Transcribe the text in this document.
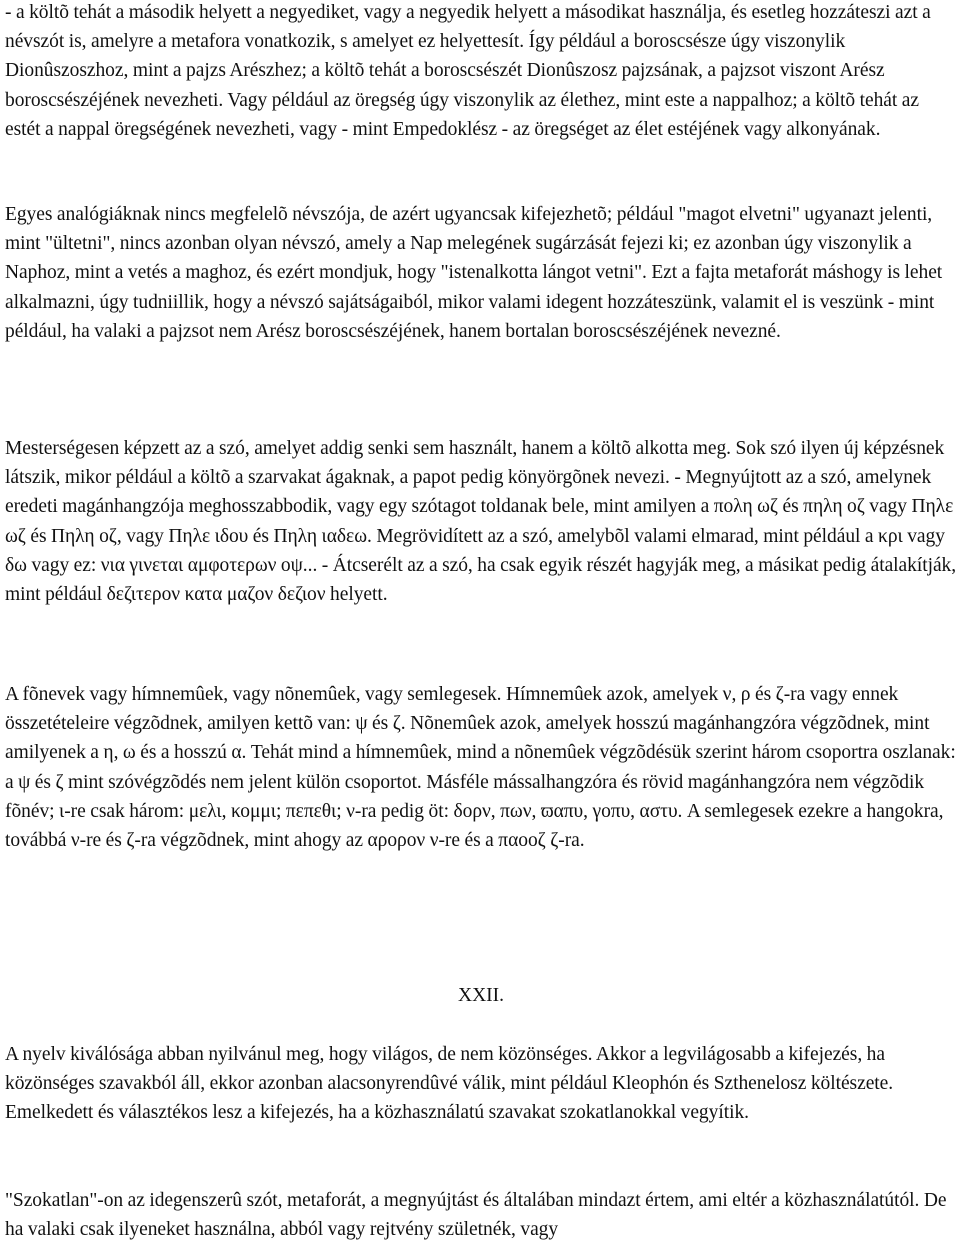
- a költõ tehát a második helyett a negyediket, vagy a negyedik helyett a másodikat használja, és esetleg hozzáteszi azt a névszót is, amelyre a metafora vonatkozik, s amelyet ez helyettesít. Így például a boroscsésze úgy viszonylik Dionûszoszhoz, mint a pajzs Arészhez; a költõ tehát a boroscsészét Dionûszosz pajzsának, a pajzsot viszont Arész boroscsészéjének nevezheti. Vagy például az öregség úgy viszonylik az élethez, mint este a nappalhoz; a költõ tehát az estét a nappal öregségének nevezheti, vagy - mint Empedoklész - az öregséget az élet estéjének vagy alkonyának.

Egyes analógiáknak nincs megfelelõ névszója, de azért ugyancsak kifejezhetõ; például "magot elvetni" ugyanazt jelenti, mint "ültetni", nincs azonban olyan névszó, amely a Nap melegének sugárzását fejezi ki; ez azonban úgy viszonylik a Naphoz, mint a vetés a maghoz, és ezért mondjuk, hogy "istenalkotta lángot vetni". Ezt a fajta metaforát máshogy is lehet alkalmazni, úgy tudniillik, hogy a névszó sajátságaiból, mikor valami idegent hozzáteszünk, valamit el is veszünk - mint például, ha valaki a pajzsot nem Arész boroscsészéjének, hanem bortalan boroscsészéjének nevezné.

Mesterségesen képzett az a szó, amelyet addig senki sem használt, hanem a költõ alkotta meg. Sok szó ilyen új képzésnek látszik, mikor például a költõ a szarvakat ágaknak, a papot pedig könyörgõnek nevezi. - Megnyújtott az a szó, amelynek eredeti magánhangzója meghosszabbodik, vagy egy szótagot toldanak bele, mint amilyen a πολη ωζ és πηλη οζ vagy Πηλε ωζ és Πηλη οζ, vagy Πηλε ιδου és Πηλη ιαδεω. Megrövidített az a szó, amelybõl valami elmarad, mint például a κρι vagy δω vagy ez: νια γινεται αμφοτερων οψ... - Átcserélt az a szó, ha csak egyik részét hagyják meg, a másikat pedig átalakítják, mint például δεζιτερον κατα μαζον δεζιον helyett.

A fõnevek vagy hímnemûek, vagy nõnemûek, vagy semlegesek. Hímnemûek azok, amelyek ν, ρ és ζ-ra vagy ennek összetételeire végzõdnek, amilyen kettõ van: ψ és ζ. Nõnemûek azok, amelyek hosszú magánhangzóra végzõdnek, mint amilyenek a η, ω és a hosszú α. Tehát mind a hímnemûek, mind a nõnemûek végzõdésük szerint három csoportra oszlanak: a ψ és ζ mint szóvégzõdés nem jelent külön csoportot. Másféle mássalhangzóra és rövid magánhangzóra nem végzõdik fõnév; ι-re csak három: μελι, κομμι; πεπεθι; ν-ra pedig öt: δορν, πων, ϖαπυ, γοπυ, αστυ. A semlegesek ezekre a hangokra, továbbá ν-re és ζ-ra végzõdnek, mint ahogy az αρορον ν-re és a παοοζ ζ-ra.

XXII.

A nyelv kiválósága abban nyilvánul meg, hogy világos, de nem közönséges. Akkor a legvilágosabb a kifejezés, ha közönséges szavakból áll, ekkor azonban alacsonyrendûvé válik, mint például Kleophón és Szthenelosz költészete. Emelkedett és választékos lesz a kifejezés, ha a közhasználatú szavakat szokatlanokkal vegyítik.

"Szokatlan"-on az idegenszerû szót, metaforát, a megnyújtást és általában mindazt értem, ami eltér a közhasználatútól. De ha valaki csak ilyeneket használna, abból vagy rejtvény születnék, vagy
